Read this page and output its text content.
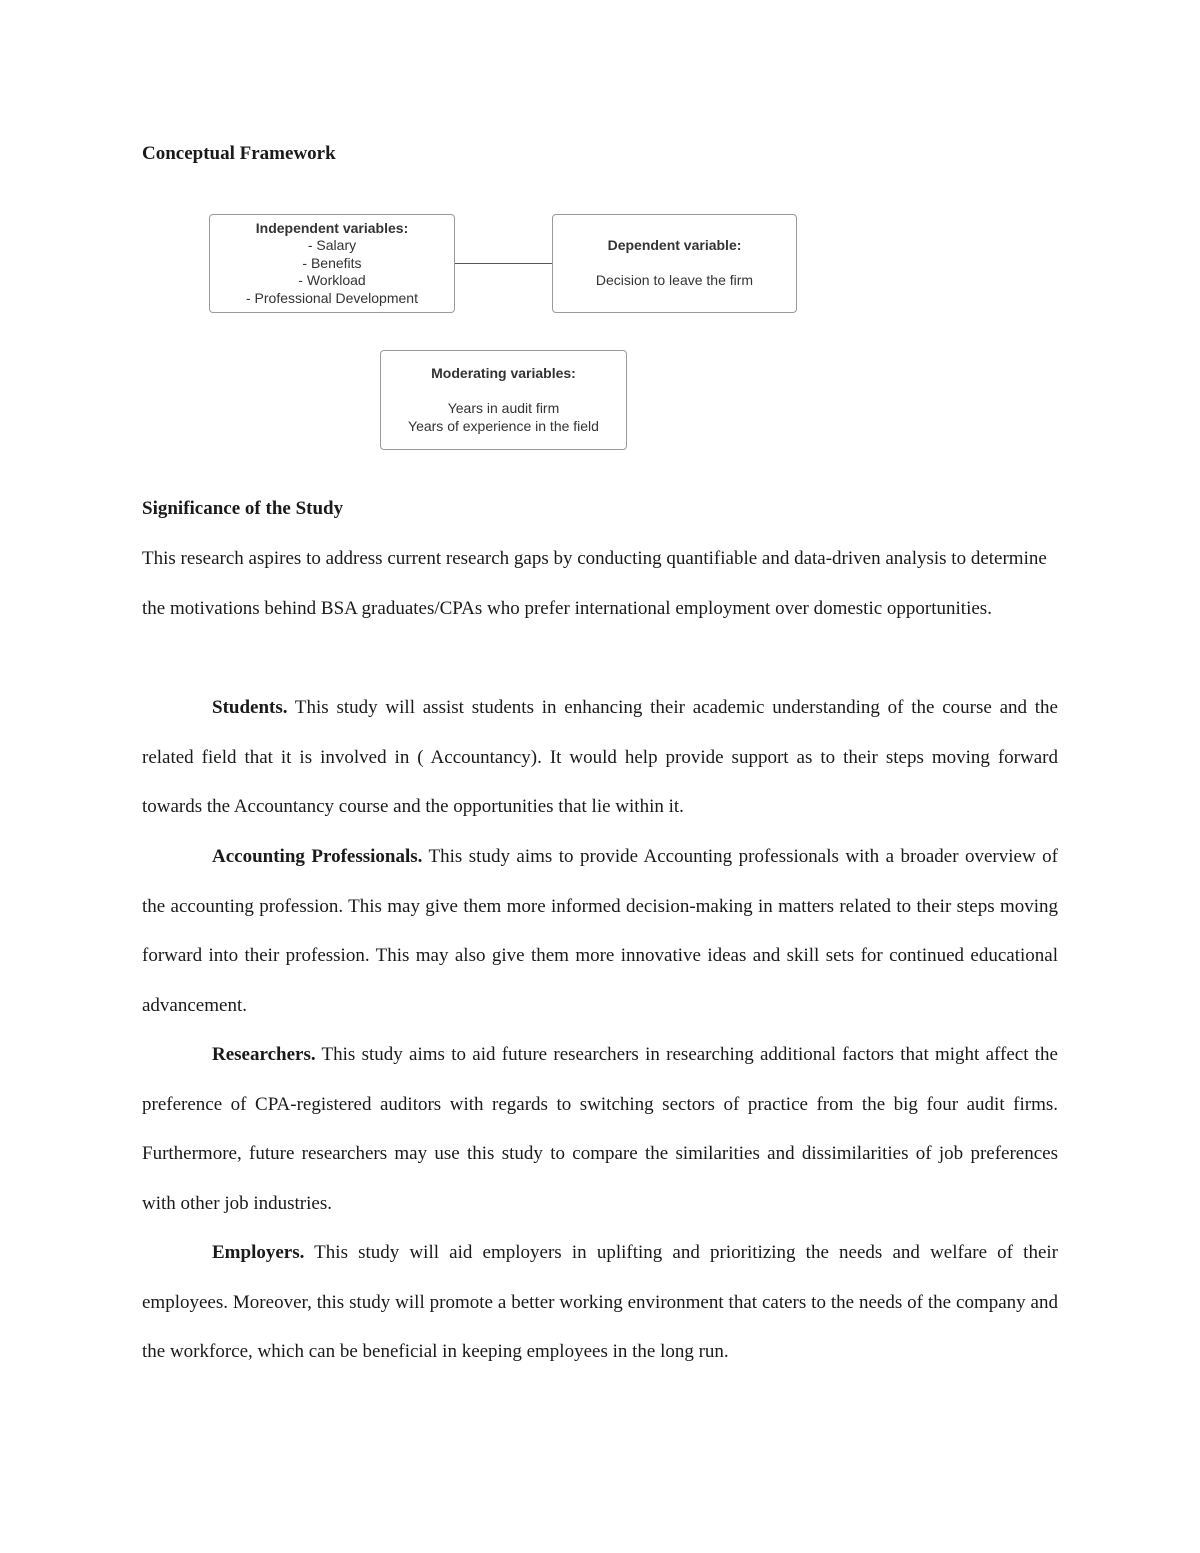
Conceptual Framework
Independent variables:
- Salary
- Benefits
- Workload
- Professional Development
Dependent variable:
Decision to leave the firm
Moderating variables:
Years in audit firm
Years of experience in the field
Significance of the Study

This research aspires to address current research gaps by conducting quantifiable and data-driven analysis to determine the motivations behind BSA graduates/CPAs who prefer international employment over domestic opportunities.

Students. This study will assist students in enhancing their academic understanding of the course and the related field that it is involved in ( Accountancy). It would help provide support as to their steps moving forward towards the Accountancy course and the opportunities that lie within it.

Accounting Professionals. This study aims to provide Accounting professionals with a broader overview of the accounting profession. This may give them more informed decision-making in matters related to their steps moving forward into their profession. This may also give them more innovative ideas and skill sets for continued educational advancement.

Researchers. This study aims to aid future researchers in researching additional factors that might affect the preference of CPA-registered auditors with regards to switching sectors of practice from the big four audit firms. Furthermore, future researchers may use this study to compare the similarities and dissimilarities of job preferences with other job industries.

Employers. This study will aid employers in uplifting and prioritizing the needs and welfare of their employees. Moreover, this study will promote a better working environment that caters to the needs of the company and the workforce, which can be beneficial in keeping employees in the long run.
